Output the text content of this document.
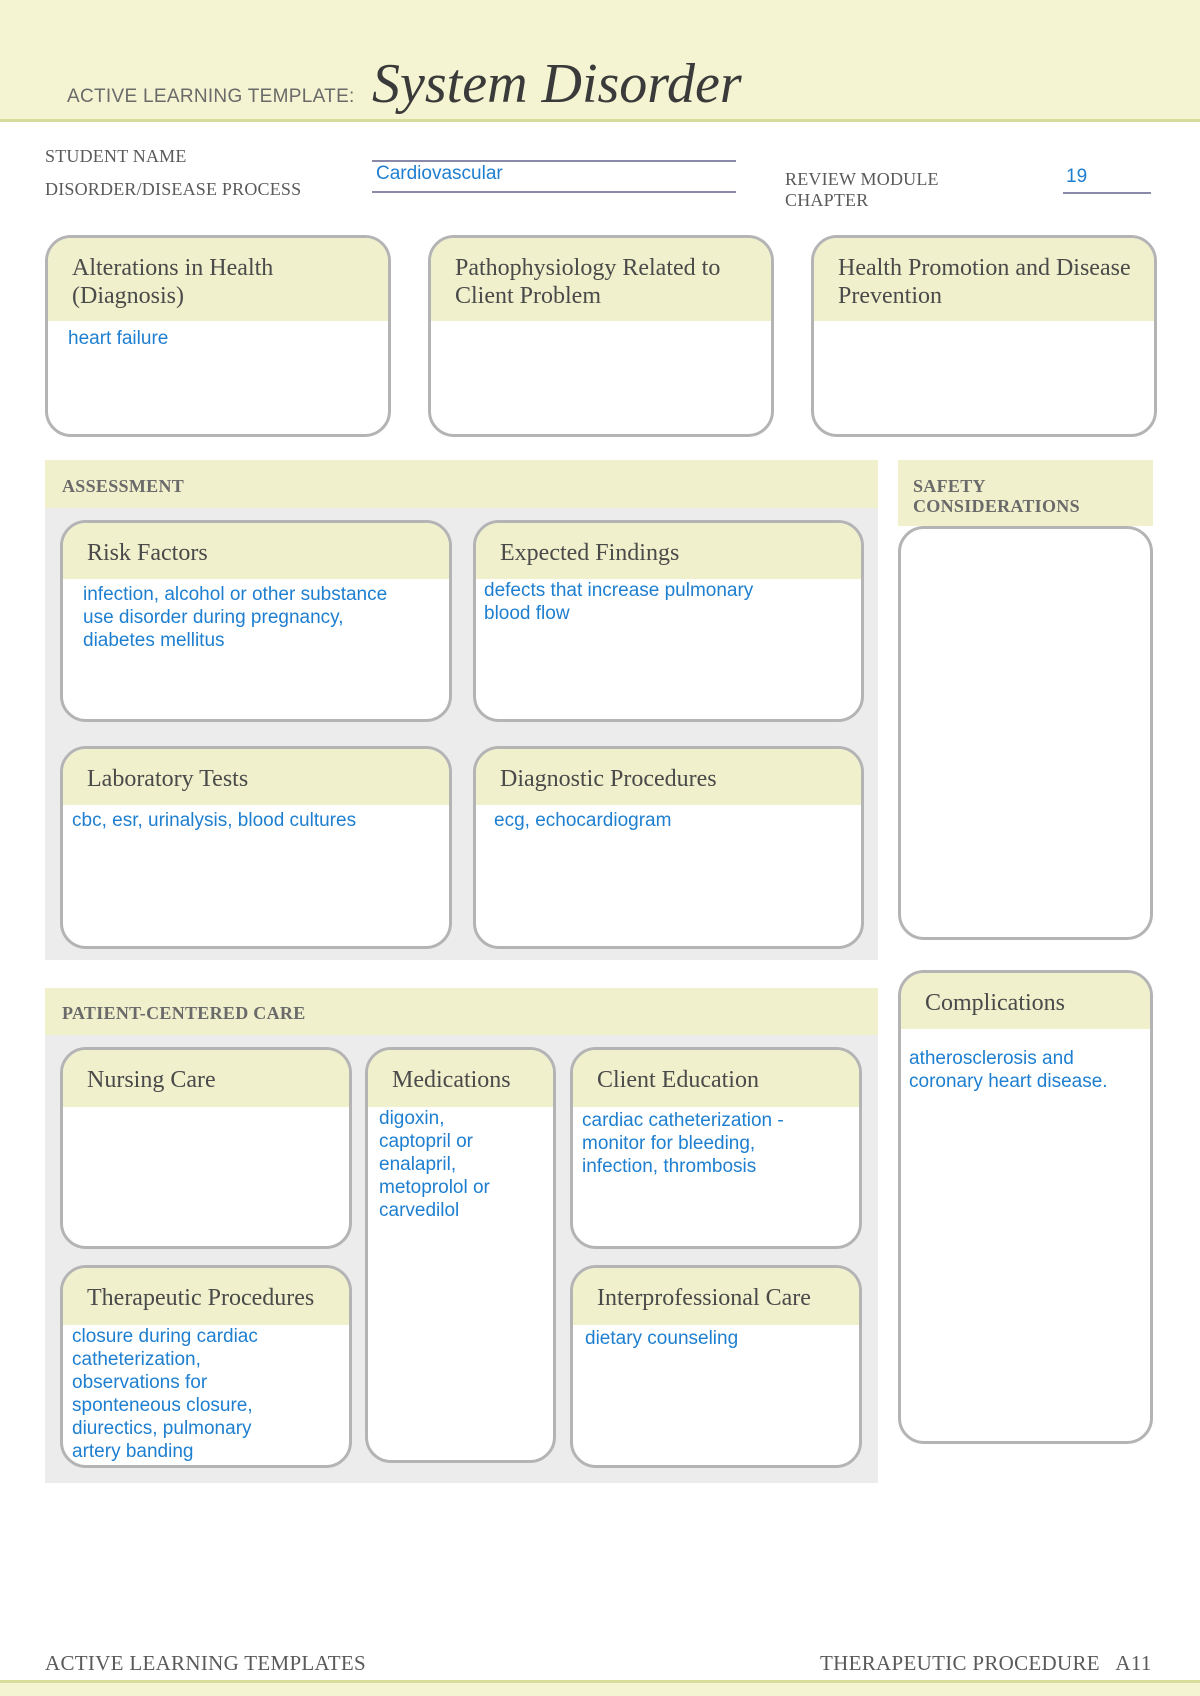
ACTIVE LEARNING TEMPLATE: System Disorder
STUDENT NAME
DISORDER/DISEASE PROCESS
Cardiovascular	REVIEW MODULE
CHAPTER
19
Alterations in Health (Diagnosis)
heart failure
Pathophysiology Related to Client Problem
Health Promotion and Disease Prevention
ASSESSMENT
Risk Factors
infection, alcohol or other substance
use disorder during pregnancy,
diabetes mellitus
Expected Findings
defects that increase pulmonary
blood flow
Laboratory Tests
cbc, esr, urinalysis, blood cultures
Diagnostic Procedures
ecg, echocardiogram
SAFETY
CONSIDERATIONS
PATIENT-CENTERED CARE
Nursing Care	Medications
digoxin,
captopril or
enalapril,
metoprolol or
carvedilol
Client Education
cardiac catheterization -
monitor for bleeding,
infection, thrombosis
Therapeutic Procedures
closure during cardiac
catheterization,
observations for
sponteneous closure,
diurectics, pulmonary
artery banding
Interprofessional Care
dietary counseling
Complications
atherosclerosis and
coronary heart disease.
ACTIVE LEARNING TEMPLATES	THERAPEUTIC PROCEDURE   A11
